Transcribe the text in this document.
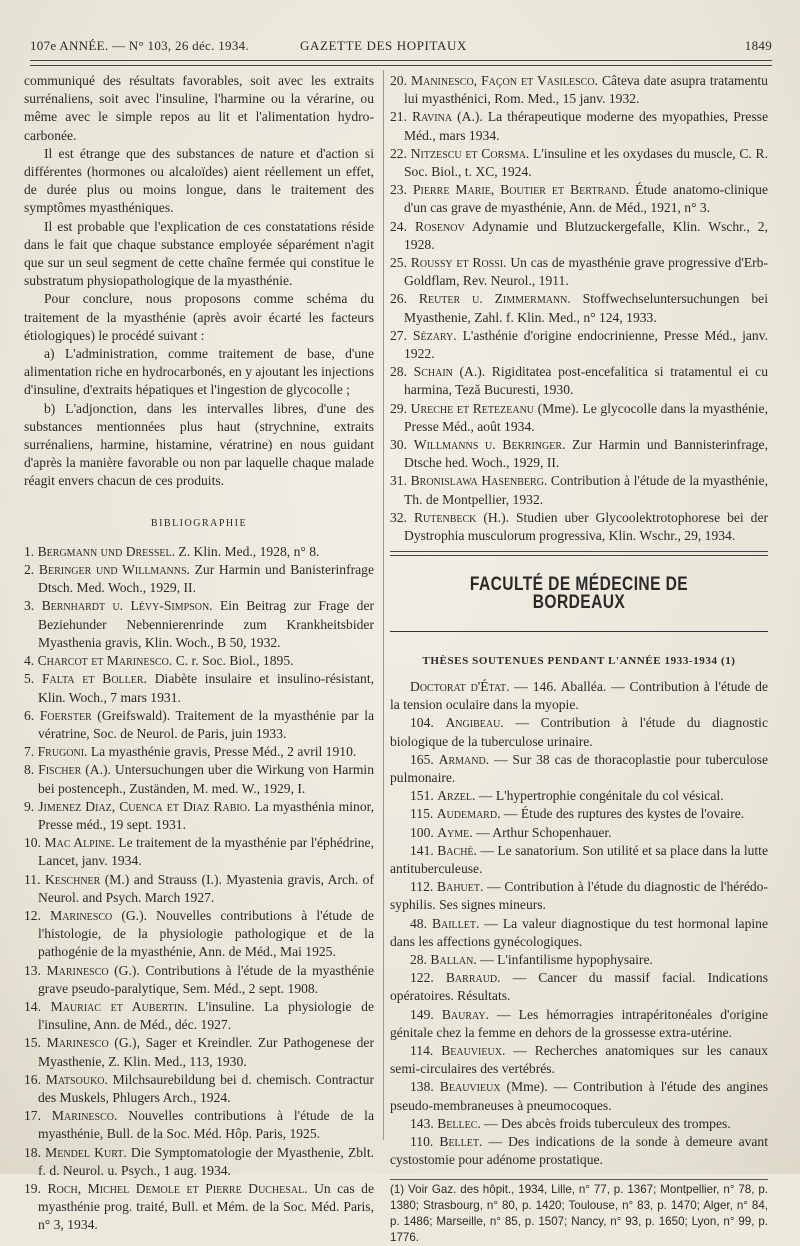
107e ANNÉE. — N° 103, 26 déc. 1934.	GAZETTE DES HOPITAUX	1849

communiqué des résultats favorables, soit avec les extraits surrénaliens, soit avec l'insuline, l'harmine ou la vérarine, ou même avec le simple repos au lit et l'alimentation hydro-carbonée.

Il est étrange que des substances de nature et d'action si différentes (hormones ou alcaloïdes) aient réellement un effet, de durée plus ou moins longue, dans le traitement des symptômes myasthéniques.

Il est probable que l'explication de ces constatations réside dans le fait que chaque substance employée séparément n'agit que sur un seul segment de cette chaîne fermée qui constitue le substratum physiopathologique de la myasthénie.

Pour conclure, nous proposons comme schéma du traitement de la myasthénie (après avoir écarté les facteurs étiologiques) le procédé suivant :

a) L'administration, comme traitement de base, d'une alimentation riche en hydrocarbonés, en y ajoutant les injections d'insuline, d'extraits hépatiques et l'ingestion de glycocolle ;

b) L'adjonction, dans les intervalles libres, d'une des substances mentionnées plus haut (strychnine, extraits surrénaliens, harmine, histamine, vératrine) en nous guidant d'après la manière favorable ou non par laquelle chaque malade réagit envers chacun de ces produits.

BIBLIOGRAPHIE

1. Bergmann und Dressel. Z. Klin. Med., 1928, n° 8.

2. Beringer und Willmanns. Zur Harmin und Banisterinfrage Dtsch. Med. Woch., 1929, II.

3. Bernhardt u. Lévy-Simpson. Ein Beitrag zur Frage der Beziehunder Nebennierenrinde zum Krankheitsbider Myasthenia gravis, Klin. Woch., B 50, 1932.

4. Charcot et Marinesco. C. r. Soc. Biol., 1895.

5. Falta et Boller. Diabète insulaire et insulino-résistant, Klin. Woch., 7 mars 1931.

6. Foerster (Greifswald). Traitement de la myasthénie par la vératrine, Soc. de Neurol. de Paris, juin 1933.

7. Frugoni. La myasthénie gravis, Presse Méd., 2 avril 1910.

8. Fischer (A.). Untersuchungen uber die Wirkung von Harmin bei postenceph., Zuständen, M. med. W., 1929, I.

9. Jimenez Diaz, Cuenca et Diaz Rabio. La myasthénia minor, Presse méd., 19 sept. 1931.

10. Mac Alpine. Le traitement de la myasthénie par l'éphédrine, Lancet, janv. 1934.

11. Keschner (M.) and Strauss (I.). Myastenia gravis, Arch. of Neurol. and Psych. March 1927.

12. Marinesco (G.). Nouvelles contributions à l'étude de l'histologie, de la physiologie pathologique et de la pathogénie de la myasthénie, Ann. de Méd., Mai 1925.

13. Marinesco (G.). Contributions à l'étude de la myasthénie grave pseudo-paralytique, Sem. Méd., 2 sept. 1908.

14. Mauriac et Aubertin. L'insuline. La physiologie de l'insuline, Ann. de Méd., déc. 1927.

15. Marinesco (G.), Sager et Kreindler. Zur Pathogenese der Myasthenie, Z. Klin. Med., 113, 1930.

16. Matsouko. Milchsaurebildung bei d. chemisch. Contractur des Muskels, Phlugers Arch., 1924.

17. Marinesco. Nouvelles contributions à l'étude de la myasthénie, Bull. de la Soc. Méd. Hôp. Paris, 1925.

18. Mendel Kurt. Die Symptomatologie der Myasthenie, Zblt. f. d. Neurol. u. Psych., 1 aug. 1934.

19. Roch, Michel Demole et Pierre Duchesal. Un cas de myasthénie prog. traité, Bull. et Mém. de la Soc. Méd. Paris, n° 3, 1934.

20. Maninesco, Façon et Vasilesco. Câteva date asupra tratamentu lui myasthénici, Rom. Med., 15 janv. 1932.

21. Ravina (A.). La thérapeutique moderne des myopathies, Presse Méd., mars 1934.

22. Nitzescu et Corsma. L'insuline et les oxydases du muscle, C. R. Soc. Biol., t. XC, 1924.

23. Pierre Marie, Boutier et Bertrand. Étude anatomo-clinique d'un cas grave de myasthénie, Ann. de Méd., 1921, n° 3.

24. Rosenov Adynamie und Blutzuckergefalle, Klin. Wschr., 2, 1928.

25. Roussy et Rossi. Un cas de myasthénie grave progressive d'Erb-Goldflam, Rev. Neurol., 1911.

26. Reuter u. Zimmermann. Stoffwechseluntersuchungen bei Myasthenie, Zahl. f. Klin. Med., n° 124, 1933.

27. Sézary. L'asthénie d'origine endocrinienne, Presse Méd., janv. 1922.

28. Schain (A.). Rigiditatea post-encefalitica si tratamentul ei cu harmina, Teză Bucuresti, 1930.

29. Ureche et Retezeanu (Mme). Le glycocolle dans la myasthénie, Presse Méd., août 1934.

30. Willmanns u. Bekringer. Zur Harmin und Bannisterinfrage, Dtsche hed. Woch., 1929, II.

31. Bronislawa Hasenberg. Contribution à l'étude de la myasthénie, Th. de Montpellier, 1932.

32. Rutenbeck (H.). Studien uber Glycoolektrotophorese bei der Dystrophia musculorum progressiva, Klin. Wschr., 29, 1934.

FACULTÉ DE MÉDECINE DE BORDEAUX
THÈSES SOUTENUES PENDANT L'ANNÉE 1933-1934 (1)

Doctorat d'État. — 146. Aballéa. — Contribution à l'étude de la tension oculaire dans la myopie.

104. Angibeau. — Contribution à l'étude du diagnostic biologique de la tuberculose urinaire.

165. Armand. — Sur 38 cas de thoracoplastie pour tuberculose pulmonaire.

151. Arzel. — L'hypertrophie congénitale du col vésical.

115. Audemard. — Étude des ruptures des kystes de l'ovaire.

100. Ayme. — Arthur Schopenhauer.

141. Baché. — Le sanatorium. Son utilité et sa place dans la lutte antituberculeuse.

112. Bahuet. — Contribution à l'étude du diagnostic de l'hérédo-syphilis. Ses signes mineurs.

48. Baillet. — La valeur diagnostique du test hormonal lapine dans les affections gynécologiques.

28. Ballan. — L'infantilisme hypophysaire.

122. Barraud. — Cancer du massif facial. Indications opératoires. Résultats.

149. Bauray. — Les hémorragies intrapéritonéales d'origine génitale chez la femme en dehors de la grossesse extra-utérine.

114. Beauvieux. — Recherches anatomiques sur les canaux semi-circulaires des vertébrés.

138. Beauvieux (Mme). — Contribution à l'étude des angines pseudo-membraneuses à pneumocoques.

143. Bellec. — Des abcès froids tuberculeux des trompes.

110. Bellet. — Des indications de la sonde à demeure avant cystostomie pour adénome prostatique.

(1) Voir Gaz. des hôpit., 1934, Lille, n° 77, p. 1367; Montpellier, n° 78, p. 1380; Strasbourg, n° 80, p. 1420; Toulouse, n° 83, p. 1470; Alger, n° 84, p. 1486; Marseille, n° 85, p. 1507; Nancy, n° 93, p. 1650; Lyon, n° 99, p. 1776.
